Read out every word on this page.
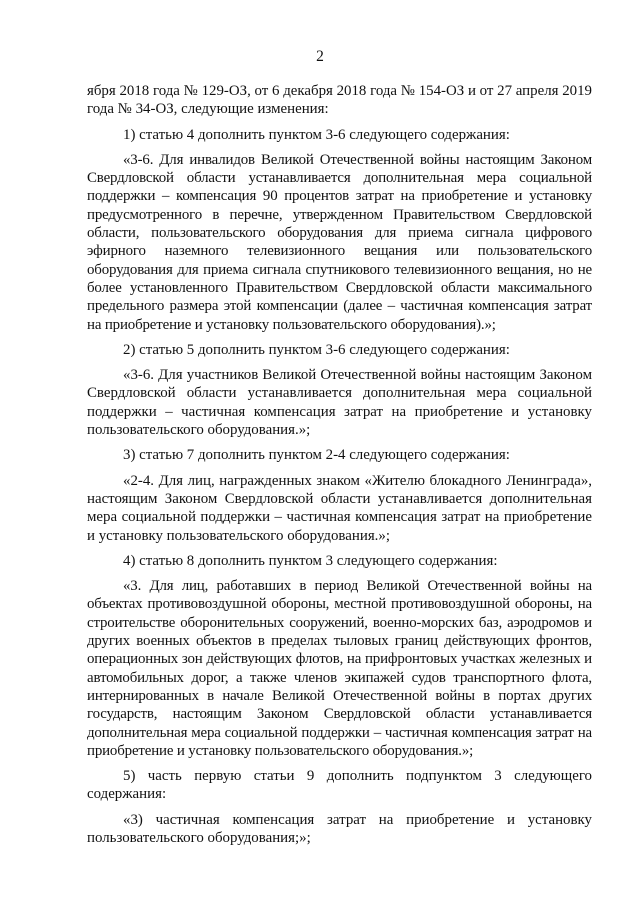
2

ября 2018 года № 129-ОЗ, от 6 декабря 2018 года № 154-ОЗ и от 27 апреля 2019 года № 34-ОЗ, следующие изменения:

1) статью 4 дополнить пунктом 3-6 следующего содержания:

«3-6. Для инвалидов Великой Отечественной войны настоящим Законом Свердловской области устанавливается дополнительная мера социальной поддержки – компенсация 90 процентов затрат на приобретение и установку предусмотренного в перечне, утвержденном Правительством Свердловской области, пользовательского оборудования для приема сигнала цифрового эфирного наземного телевизионного вещания или пользовательского оборудования для приема сигнала спутникового телевизионного вещания, но не более установленного Правительством Свердловской области максимального предельного размера этой компенсации (далее – частичная компенсация затрат на приобретение и установку пользовательского оборудования).»;

2) статью 5 дополнить пунктом 3-6 следующего содержания:

«3-6. Для участников Великой Отечественной войны настоящим Законом Свердловской области устанавливается дополнительная мера социальной поддержки – частичная компенсация затрат на приобретение и установку пользовательского оборудования.»;

3) статью 7 дополнить пунктом 2-4 следующего содержания:

«2-4. Для лиц, награжденных знаком «Жителю блокадного Ленинграда», настоящим Законом Свердловской области устанавливается дополнительная мера социальной поддержки – частичная компенсация затрат на приобретение и установку пользовательского оборудования.»;

4) статью 8 дополнить пунктом 3 следующего содержания:

«3. Для лиц, работавших в период Великой Отечественной войны на объектах противовоздушной обороны, местной противовоздушной обороны, на строительстве оборонительных сооружений, военно-морских баз, аэродромов и других военных объектов в пределах тыловых границ действующих фронтов, операционных зон действующих флотов, на прифронтовых участках железных и автомобильных дорог, а также членов экипажей судов транспортного флота, интернированных в начале Великой Отечественной войны в портах других государств, настоящим Законом Свердловской области устанавливается дополнительная мера социальной поддержки – частичная компенсация затрат на приобретение и установку пользовательского оборудования.»;

5) часть первую статьи 9 дополнить подпунктом 3 следующего содержания:

«3) частичная компенсация затрат на приобретение и установку пользовательского оборудования;»;
